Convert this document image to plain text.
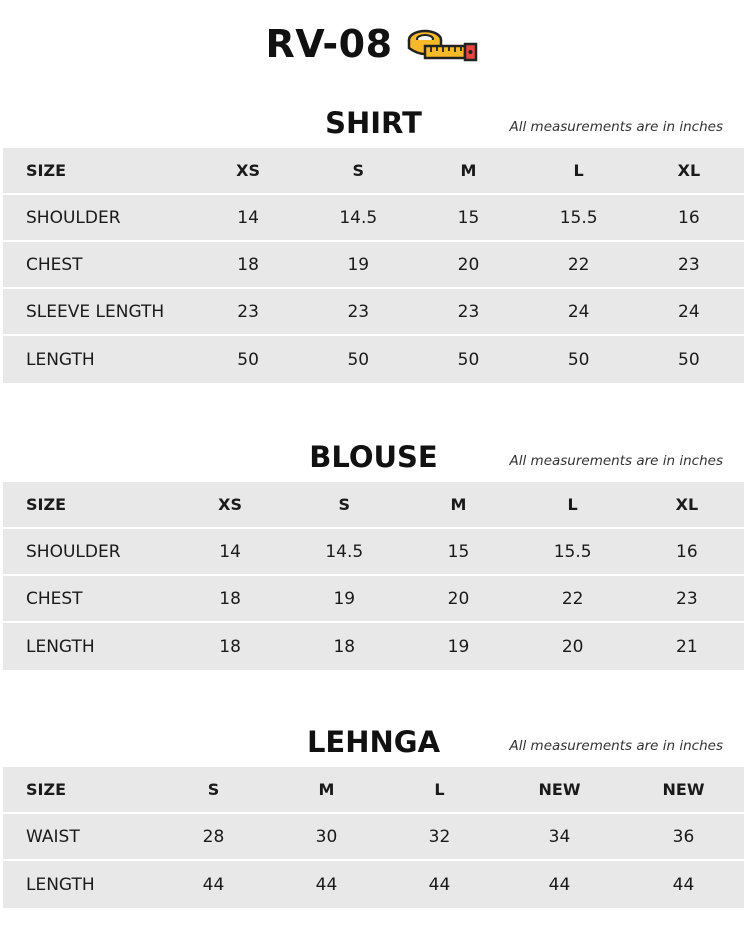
RV-08
SHIRT	All measurements are in inches
SIZE	XS	S	M	L	XL
SHOULDER	14	14.5	15	15.5	16
CHEST	18	19	20	22	23
SLEEVE LENGTH	23	23	23	24	24
LENGTH	50	50	50	50	50
BLOUSE	All measurements are in inches
SIZE	XS	S	M	L	XL
SHOULDER	14	14.5	15	15.5	16
CHEST	18	19	20	22	23
LENGTH	18	18	19	20	21
LEHNGA	All measurements are in inches
SIZE	S	M	L	NEW	NEW
WAIST	28	30	32	34	36
LENGTH	44	44	44	44	44
